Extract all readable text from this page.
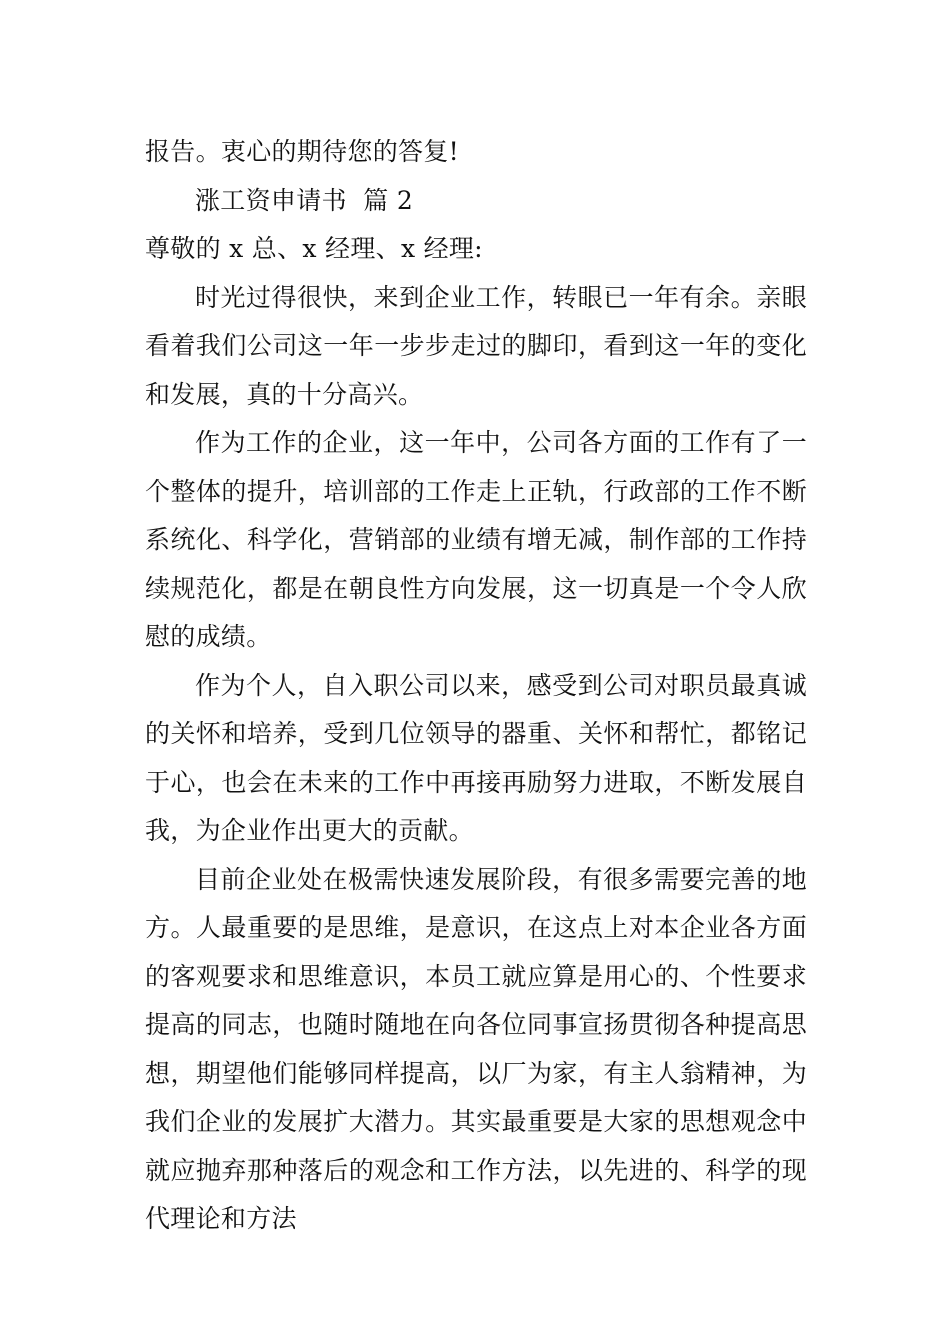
报告。衷心的期待您的答复!

涨工资申请书  篇 2

尊敬的 x 总、x 经理、x 经理:

时光过得很快，来到企业工作，转眼已一年有余。亲眼看着我们公司这一年一步步走过的脚印，看到这一年的变化和发展，真的十分高兴。

作为工作的企业，这一年中，公司各方面的工作有了一个整体的提升，培训部的工作走上正轨，行政部的工作不断系统化、科学化，营销部的业绩有增无减，制作部的工作持续规范化，都是在朝良性方向发展，这一切真是一个令人欣慰的成绩。

作为个人，自入职公司以来，感受到公司对职员最真诚的关怀和培养，受到几位领导的器重、关怀和帮忙，都铭记于心，也会在未来的工作中再接再励努力进取，不断发展自我，为企业作出更大的贡献。

目前企业处在极需快速发展阶段，有很多需要完善的地方。人最重要的是思维，是意识，在这点上对本企业各方面的客观要求和思维意识，本员工就应算是用心的、个性要求提高的同志，也随时随地在向各位同事宣扬贯彻各种提高思想，期望他们能够同样提高，以厂为家，有主人翁精神，为我们企业的发展扩大潜力。其实最重要是大家的思想观念中就应抛弃那种落后的观念和工作方法，以先进的、科学的现代理论和方法
